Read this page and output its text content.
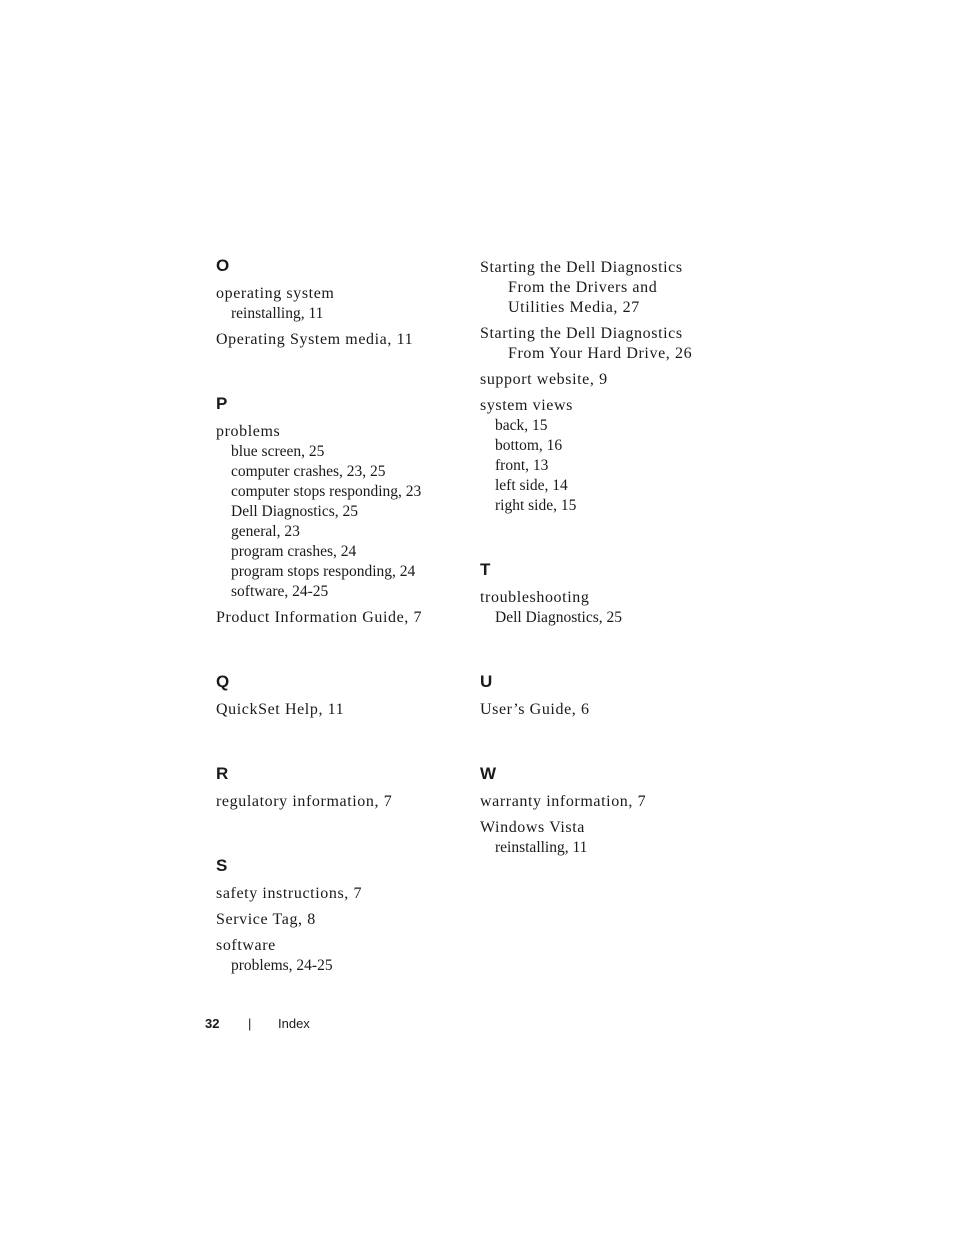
O
operating system
reinstalling, 11
Operating System media, 11
P
problems
blue screen, 25
computer crashes, 23, 25
computer stops responding, 23
Dell Diagnostics, 25
general, 23
program crashes, 24
program stops responding, 24
software, 24-25
Product Information Guide, 7
Q
QuickSet Help, 11
R
regulatory information, 7
S
safety instructions, 7
Service Tag, 8
software
problems, 24-25
Starting the Dell Diagnostics
From the Drivers and
Utilities Media, 27
Starting the Dell Diagnostics
From Your Hard Drive, 26
support website, 9
system views
back, 15
bottom, 16
front, 13
left side, 14
right side, 15
T
troubleshooting
Dell Diagnostics, 25
U
User’s Guide, 6
W
warranty information, 7
Windows Vista
reinstalling, 11
32 | Index
